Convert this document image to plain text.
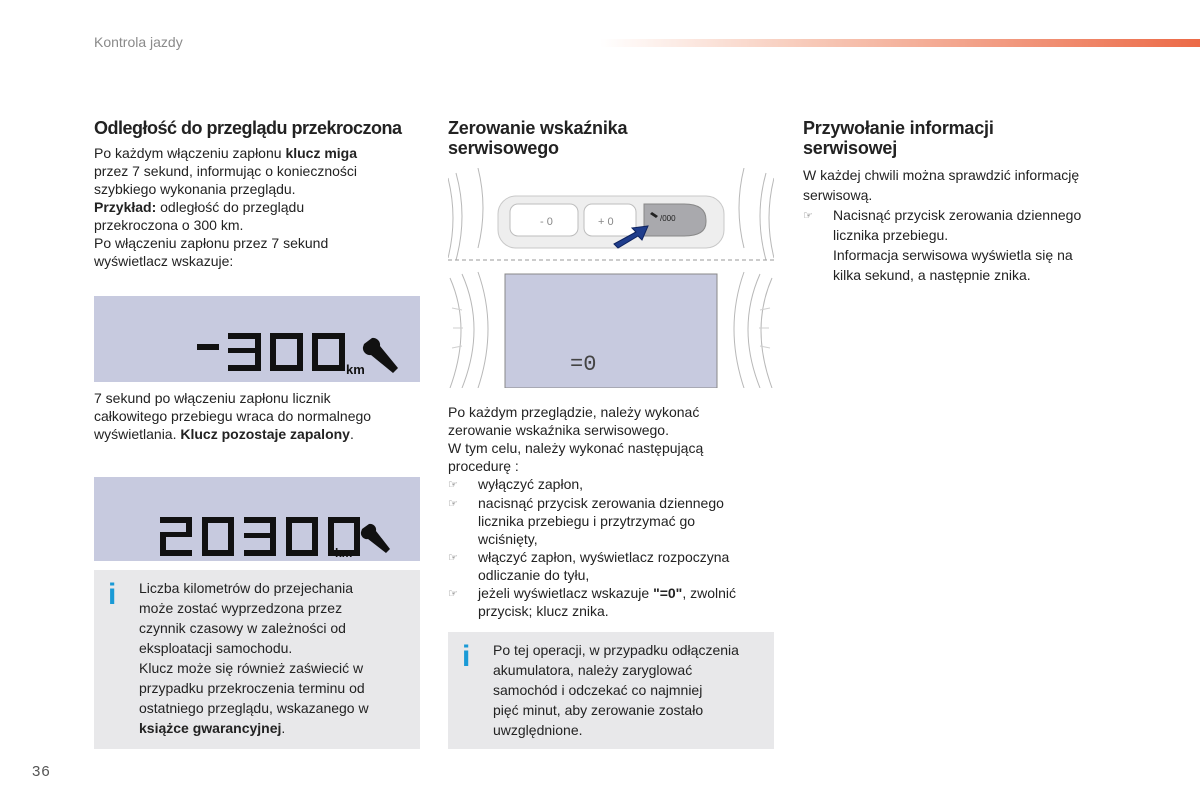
Kontrola jazdy
Odległość do przeglądu przekroczona
Po każdym włączeniu zapłonu klucz miga
przez 7 sekund, informując o konieczności
szybkiego wykonania przeglądu.
Przykład: odległość do przeglądu
przekroczona o 300 km.
Po włączeniu zapłonu przez 7 sekund
wyświetlacz wskazuje:
km
7 sekund po włączeniu zapłonu licznik
całkowitego przebiegu wraca do normalnego
wyświetlania. Klucz pozostaje zapalony.
km
i Liczba kilometrów do przejechania
może zostać wyprzedzona przez
czynnik czasowy w zależności od
eksploatacji samochodu.
Klucz może się również zaświecić w
przypadku przekroczenia terminu od
ostatniego przeglądu, wskazanego w
książce gwarancyjnej.
Zerowanie wskaźnika
serwisowego
- 0	+ 0	/000
=0
Po każdym przeglądzie, należy wykonać
zerowanie wskaźnika serwisowego.
W tym celu, należy wykonać następującą
procedurę :
☞	wyłączyć zapłon,
☞	nacisnąć przycisk zerowania dziennego
licznika przebiegu i przytrzymać go
wciśnięty,
☞	włączyć zapłon, wyświetlacz rozpoczyna
odliczanie do tyłu,
☞	jeżeli wyświetlacz wskazuje "=0", zwolnić
przycisk; klucz znika.
i Po tej operacji, w przypadku odłączenia
akumulatora, należy zaryglować
samochód i odczekać co najmniej
pięć minut, aby zerowanie zostało
uwzględnione.
Przywołanie informacji
serwisowej
W każdej chwili można sprawdzić informację
serwisową.
☞	Nacisnąć przycisk zerowania dziennego
licznika przebiegu.
Informacja serwisowa wyświetla się na
kilka sekund, a następnie znika.
36
